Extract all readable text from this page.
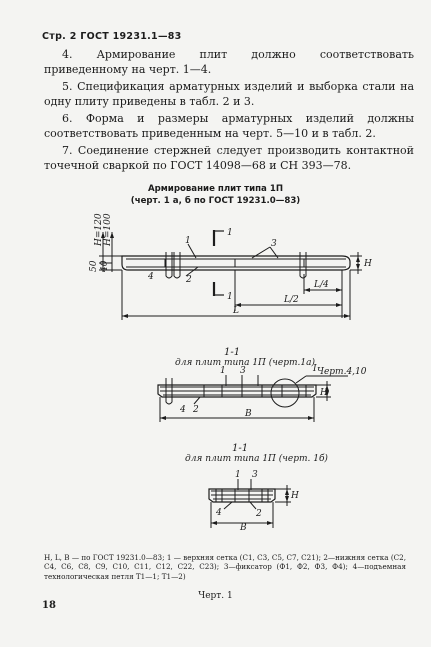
Стр. 2 ГОСТ 19231.1—83

4. Армирование плит должно соответствовать приведенному на черт. 1—4.

5. Спецификация арматурных изделий и выборка стали на одну плиту приведены в табл. 2 и 3.

6. Форма и размеры арматурных изделий должны соответствовать приведенным на черт. 5—10 и в табл. 2.

7. Соединение стержней следует производить контактной точечной сваркой по ГОСТ 14098—68 и СН 393—78.

Армирование плит типа 1П
(черт. 1 а, б по ГОСТ 19231.0—83)
H=120 H=100
50 40
1
1
1	3
4	2
H
L/4
L/2
L
I Черт.4,10
1 3
4 2
H
B
1 3
4	2
H
B
1-1
для плит типа 1П (черт.1а)
1-1
для плит типа 1П (черт. 1б)
H, L, B — по ГОСТ 19231.0—83; 1 — верхняя сетка (С1, С3, С5, С7, С21); 2—нижняя сетка (С2, С4, С6, С8, С9, С10, С11, С12, С22, С23); 3—фиксатор (Ф1, Ф2, Ф3, Ф4); 4—подъемная технологическая петля Т1—1; Т1—2)
Черт. 1
18
